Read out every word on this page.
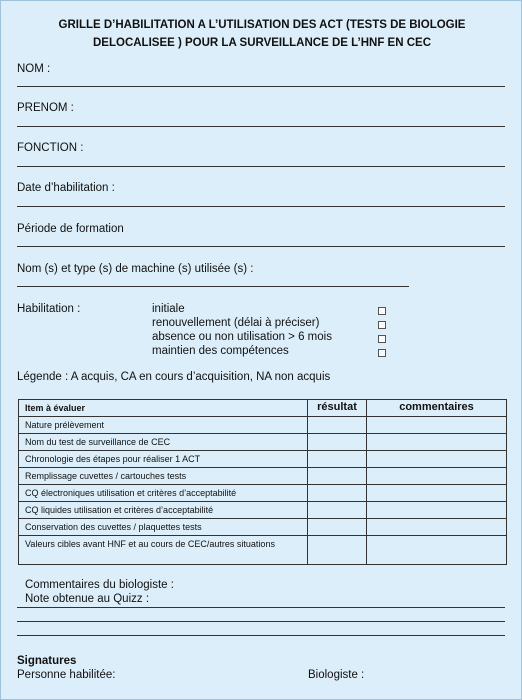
GRILLE D’HABILITATION A L’UTILISATION DES ACT (TESTS DE BIOLOGIE
DELOCALISEE ) POUR LA SURVEILLANCE DE L’HNF EN CEC
NOM :
PRENOM :
FONCTION :
Date d’habilitation :
Période de formation
Nom (s) et type (s) de machine (s) utilisée (s) :
Habilitation :	initiale
renouvellement (délai à préciser)
absence ou non utilisation > 6 mois
maintien des compétences
Légende : A acquis, CA en cours d’acquisition, NA non acquis
Item à évaluer	résultat	commentaires
Nature prélèvement		
Nom du test de surveillance de CEC		
Chronologie des étapes pour réaliser 1 ACT		
Remplissage cuvettes / cartouches tests		
CQ électroniques utilisation et critères d’acceptabilité		
CQ liquides utilisation et critères d’acceptabilité		
Conservation des cuvettes / plaquettes tests		
Valeurs cibles avant HNF et au cours de CEC/autres situations		
Commentaires du biologiste :
Note obtenue au Quizz :
Signatures
Personne habilitée:	Biologiste :
